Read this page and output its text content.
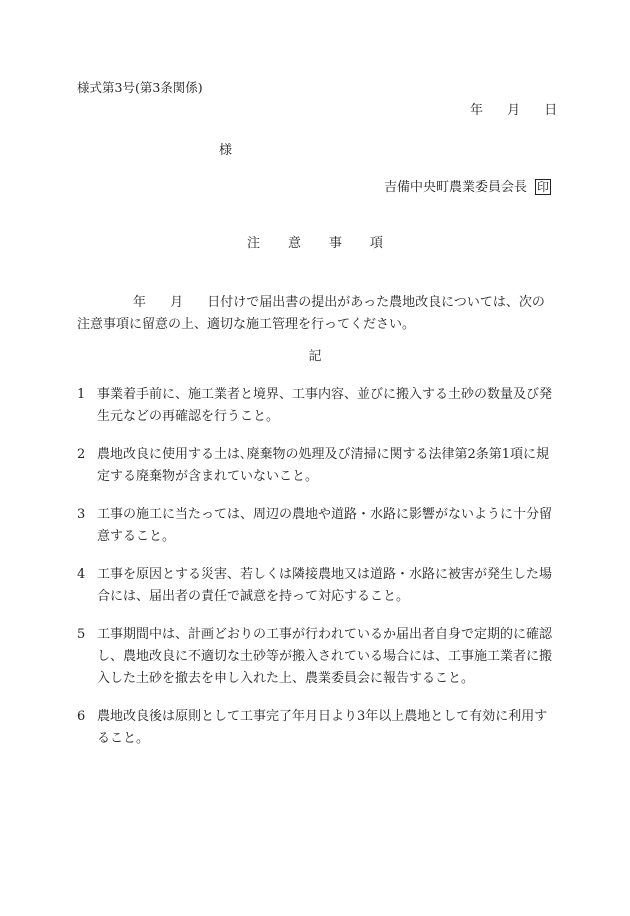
様式第3号(第3条関係)
年 月 日
様
吉備中央町農業委員会長 印
注意事項
年 月 日付けで届出書の提出があった農地改良については、次の注意事項に留意の上、適切な施工管理を行ってください。
記
1 事業着手前に、施工業者と境界、工事内容、並びに搬入する土砂の数量及び発生元などの再確認を行うこと。
2 農地改良に使用する土は､廃棄物の処理及び清掃に関する法律第2条第1項に規定する廃棄物が含まれていないこと。
3 工事の施工に当たっては、周辺の農地や道路・水路に影響がないように十分留意すること。
4 工事を原因とする災害、若しくは隣接農地又は道路・水路に被害が発生した場合には、届出者の責任で誠意を持って対応すること。
5 工事期間中は、計画どおりの工事が行われているか届出者自身で定期的に確認し、農地改良に不適切な土砂等が搬入されている場合には、工事施工業者に搬入した土砂を撤去を申し入れた上、農業委員会に報告すること。
6 農地改良後は原則として工事完了年月日より3年以上農地として有効に利用すること。
